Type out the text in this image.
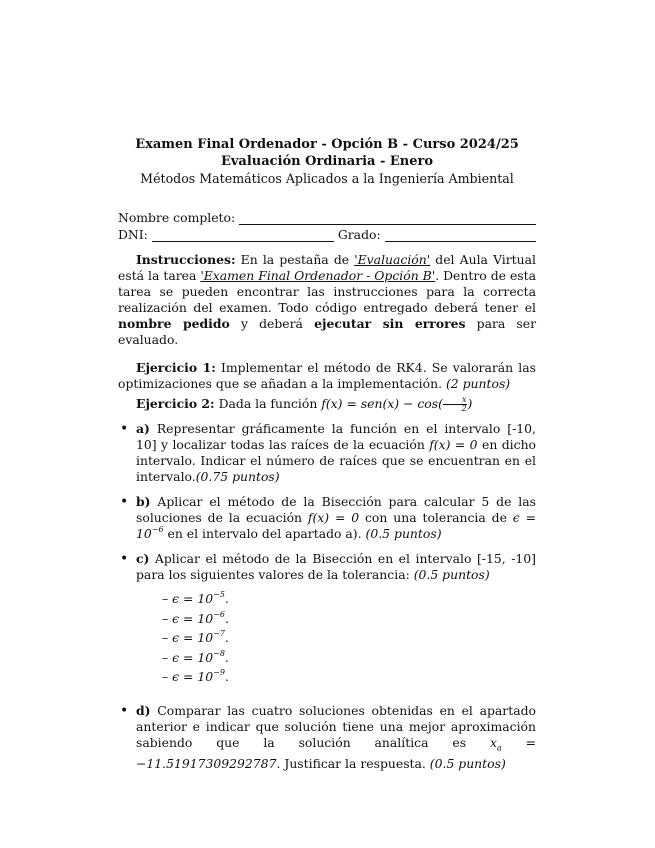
Examen Final Ordenador - Opción B - Curso 2024/25
Evaluación Ordinaria - Enero
Métodos Matemáticos Aplicados a la Ingeniería Ambiental
Nombre completo:
DNI:	Grado:

Instrucciones: En la pestaña de 'Evaluación' del Aula Virtual está la tarea 'Examen Final Ordenador - Opción B'. Dentro de esta tarea se pueden encontrar las instrucciones para la correcta realización del examen. Todo código entregado deberá tener el nombre pedido y deberá ejecutar sin errores para ser evaluado.

Ejercicio 1: Implementar el método de RK4. Se valorarán las optimizaciones que se añadan a la implementación. (2 puntos)

Ejercicio 2: Dada la función $f(x) = sen(x) - \cos( \frac{x}{2}$ )

• a) Representar gráficamente la función en el intervalo [-10, 10] y localizar todas las raíces de la ecuación f(x) = 0 en dicho intervalo. Indicar el número de raíces que se encuentran en el intervalo.(0.75 puntos)
• b) Aplicar el método de la Bisección para calcular 5 de las soluciones de la ecuación f(x) = 0 con una tolerancia de $\epsilon = 10^{-6}$ en el intervalo del apartado a). (0.5 puntos)
• c) Aplicar el método de la Bisección en el intervalo [-15, -10] para los siguientes valores de la tolerancia: (0.5 puntos)
– $\epsilon = 10^{-5}$.
– $\epsilon = 10^{-6}$.
– $\epsilon = 10^{-7}$.
– $\epsilon = 10^{-8}$.
– $\epsilon = 10^{-9}$.
• d) Comparar las cuatro soluciones obtenidas en el apartado anterior e indicar que solución tiene una mejor aproximación sabiendo que la solución analítica es $x_a = -11.51917309292787$. Justificar la respuesta. (0.5 puntos)
